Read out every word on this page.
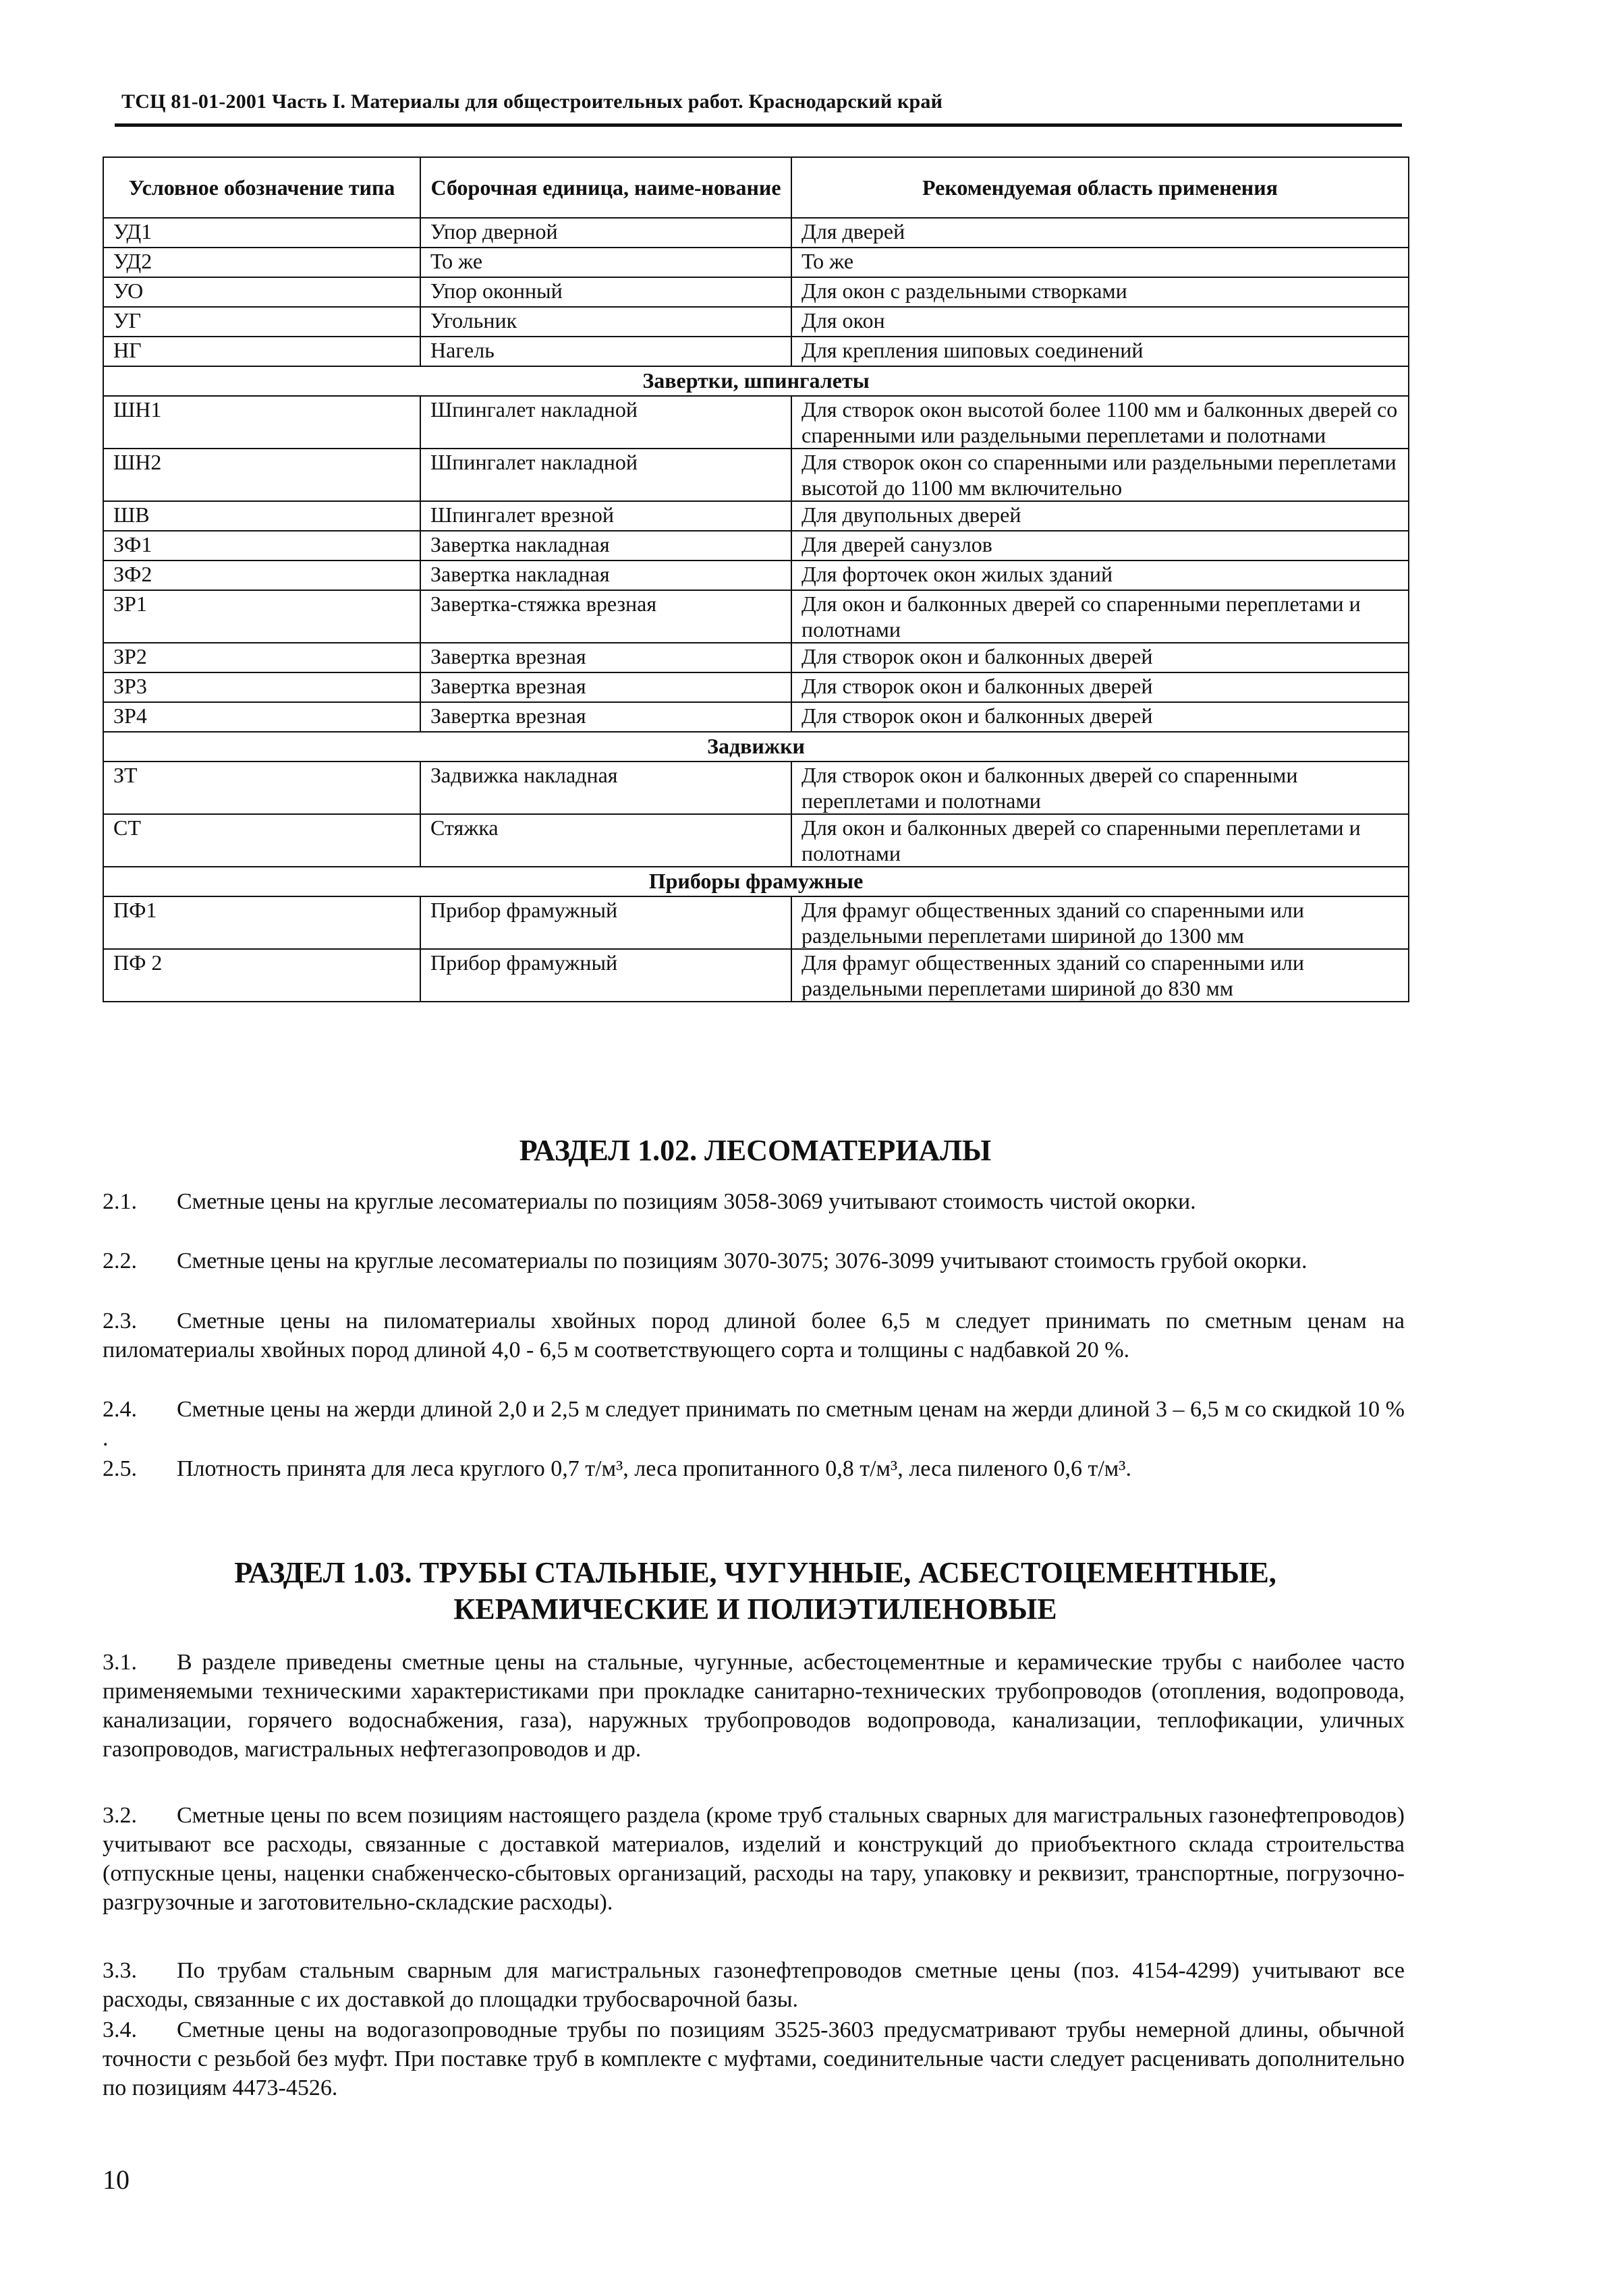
ТСЦ 81-01-2001 Часть I. Материалы для общестроительных работ. Краснодарский край
Условное обозначение типа	Сборочная единица, наиме-нование	Рекомендуемая область применения
УД1	Упор дверной	Для дверей
УД2	То же	То же
УО	Упор оконный	Для окон с раздельными створками
УГ	Угольник	Для окон
НГ	Нагель	Для крепления шиповых соединений
Завертки, шпингалеты		
ШН1	Шпингалет накладной	Для створок окон высотой более 1100 мм и балконных дверей со спаренными или раздельными переплетами и полотнами
ШН2	Шпингалет накладной	Для створок окон со спаренными или раздельными переплетами высотой до 1100 мм включительно
ШВ	Шпингалет врезной	Для двупольных дверей
ЗФ1	Завертка накладная	Для дверей санузлов
ЗФ2	Завертка накладная	Для форточек окон жилых зданий
ЗР1	Завертка-стяжка врезная	Для окон и балконных дверей со спаренными переплетами и полотнами
ЗР2	Завертка врезная	Для створок окон и балконных дверей
ЗР3	Завертка врезная	Для створок окон и балконных дверей
ЗР4	Завертка врезная	Для створок окон и балконных дверей
Задвижки		
ЗТ	Задвижка накладная	Для створок окон и балконных дверей со спаренными переплетами и полотнами
СТ	Стяжка	Для окон и балконных дверей со спаренными переплетами и полотнами
Приборы фрамужные		
ПФ1	Прибор фрамужный	Для фрамуг общественных зданий со спаренными или раздельными переплетами шириной до 1300 мм
ПФ 2	Прибор фрамужный	Для фрамуг общественных зданий со спаренными или раздельными переплетами шириной до 830 мм
РАЗДЕЛ 1.02. ЛЕСОМАТЕРИАЛЫ
2.1. Сметные цены на круглые лесоматериалы по позициям 3058-3069 учитывают стоимость чистой окорки.
2.2. Сметные цены на круглые лесоматериалы по позициям 3070-3075; 3076-3099 учитывают стоимость грубой окорки.
2.3. Сметные цены на пиломатериалы хвойных пород длиной более 6,5 м следует принимать по сметным ценам на пиломатериалы хвойных пород длиной 4,0 - 6,5 м соответствующего сорта и толщины с надбавкой 20 %.
2.4. Сметные цены на жерди длиной 2,0 и 2,5 м следует принимать по сметным ценам на жерди длиной 3 – 6,5 м со скидкой 10 % .
2.5. Плотность принята для леса круглого 0,7 т/м³, леса пропитанного 0,8 т/м³, леса пиленого 0,6 т/м³.
РАЗДЕЛ 1.03. ТРУБЫ СТАЛЬНЫЕ, ЧУГУННЫЕ, АСБЕСТОЦЕМЕНТНЫЕ,
КЕРАМИЧЕСКИЕ И ПОЛИЭТИЛЕНОВЫЕ
3.1. В разделе приведены сметные цены на стальные, чугунные, асбестоцементные и керамические трубы с наиболее часто применяемыми техническими характеристиками при прокладке санитарно-технических трубопроводов (отопления, водопровода, канализации, горячего водоснабжения, газа), наружных трубопроводов водопровода, канализации, теплофикации, уличных газопроводов, магистральных нефтегазопроводов и др.
3.2. Сметные цены по всем позициям настоящего раздела (кроме труб стальных сварных для магистральных газонефтепроводов) учитывают все расходы, связанные с доставкой материалов, изделий и конструкций до приобъектного склада строительства (отпускные цены, наценки снабженческо-сбытовых организаций, расходы на тару, упаковку и реквизит, транспортные, погрузочно-разгрузочные и заготовительно-складские расходы).
3.3. По трубам стальным сварным для магистральных газонефтепроводов сметные цены (поз. 4154-4299) учитывают все расходы, связанные с их доставкой до площадки трубосварочной базы.
3.4. Сметные цены на водогазопроводные трубы по позициям 3525-3603 предусматривают трубы немерной длины, обычной точности с резьбой без муфт. При поставке труб в комплекте с муфтами, соединительные части следует расценивать дополнительно по позициям 4473-4526.
10
